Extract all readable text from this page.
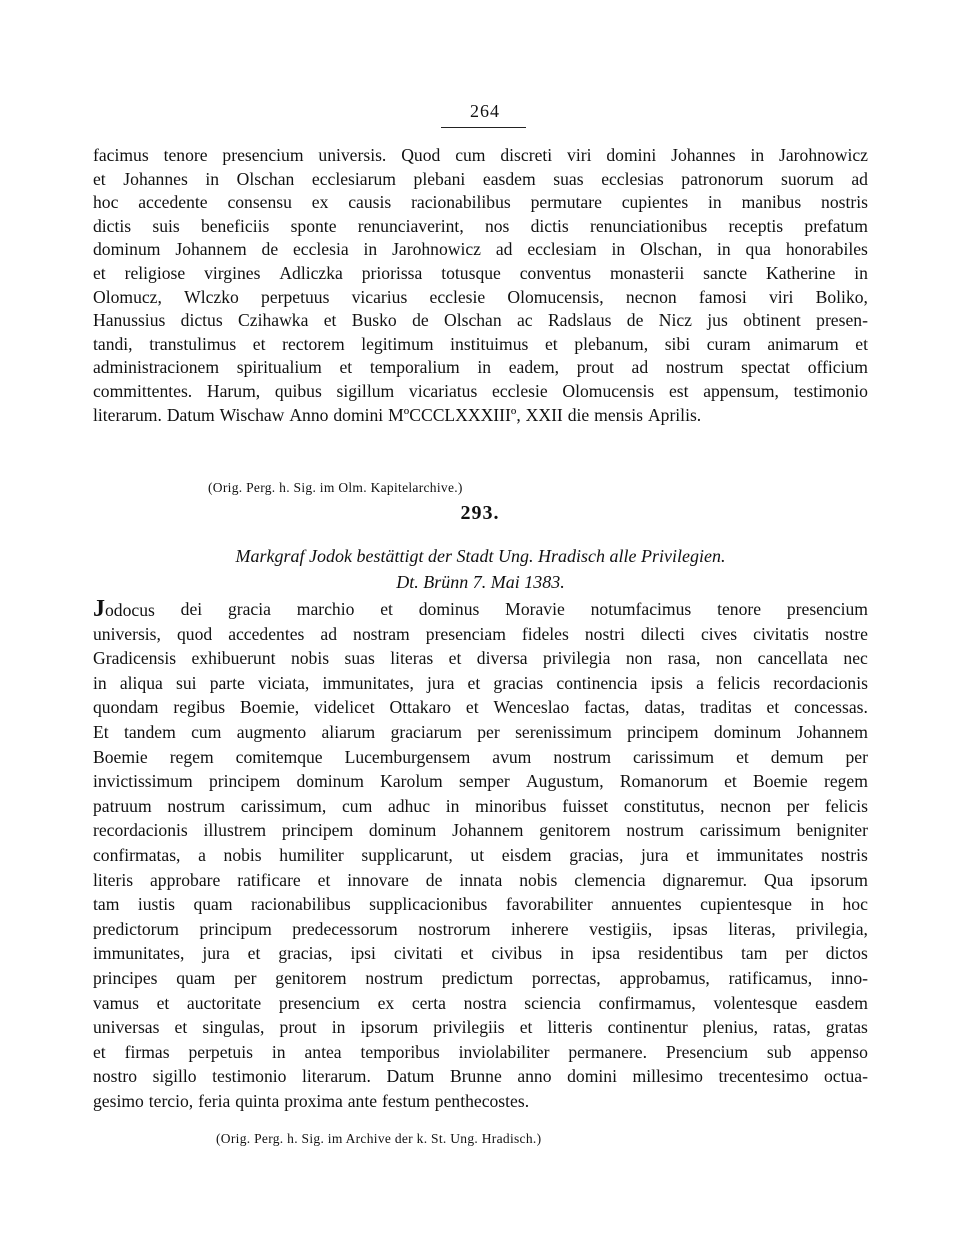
264
facimus tenore presencium universis. Quod cum discreti viri domini Johannes in Jarohnowicz
et Johannes in Olschan ecclesiarum plebani easdem suas ecclesias patronorum suorum ad
hoc accedente consensu ex causis racionabilibus permutare cupientes in manibus nostris
dictis suis beneficiis sponte renunciaverint, nos dictis renunciationibus receptis prefatum
dominum Johannem de ecclesia in Jarohnowicz ad ecclesiam in Olschan, in qua honorabiles
et religiose virgines Adliczka priorissa totusque conventus monasterii sancte Katherine in
Olomucz, Wlczko perpetuus vicarius ecclesie Olomucensis, necnon famosi viri Boliko,
Hanussius dictus Czihawka et Busko de Olschan ac Radslaus de Nicz jus obtinent presen-
tandi, transtulimus et rectorem legitimum instituimus et plebanum, sibi curam animarum et
administracionem spiritualium et temporalium in eadem, prout ad nostrum spectat officium
committentes. Harum, quibus sigillum vicariatus ecclesie Olomucensis est appensum, testimonio
literarum. Datum Wischaw Anno domini MºCCCLXXXIIIº, XXII die mensis Aprilis.
(Orig. Perg. h. Sig. im Olm. Kapitelarchive.)
293.
Markgraf Jodok bestättigt der Stadt Ung. Hradisch alle Privilegien.
Dt. Brünn 7. Mai 1383.
Jodocus dei gracia marchio et dominus Moravie notumfacimus tenore presencium
universis, quod accedentes ad nostram presenciam fideles nostri dilecti cives civitatis nostre
Gradicensis exhibuerunt nobis suas literas et diversa privilegia non rasa, non cancellata nec
in aliqua sui parte viciata, immunitates, jura et gracias continencia ipsis a felicis recordacionis
quondam regibus Boemie, videlicet Ottakaro et Wenceslao factas, datas, traditas et concessas.
Et tandem cum augmento aliarum graciarum per serenissimum principem dominum Johannem
Boemie regem comitemque Lucemburgensem avum nostrum carissimum et demum per
invictissimum principem dominum Karolum semper Augustum, Romanorum et Boemie regem
patruum nostrum carissimum, cum adhuc in minoribus fuisset constitutus, necnon per felicis
recordacionis illustrem principem dominum Johannem genitorem nostrum carissimum benigniter
confirmatas, a nobis humiliter supplicarunt, ut eisdem gracias, jura et immunitates nostris
literis approbare ratificare et innovare de innata nobis clemencia dignaremur. Qua ipsorum
tam iustis quam racionabilibus supplicacionibus favorabiliter annuentes cupientesque in hoc
predictorum principum predecessorum nostrorum inherere vestigiis, ipsas literas, privilegia,
immunitates, jura et gracias, ipsi civitati et civibus in ipsa residentibus tam per dictos
principes quam per genitorem nostrum predictum porrectas, approbamus, ratificamus, inno-
vamus et auctoritate presencium ex certa nostra sciencia confirmamus, volentesque easdem
universas et singulas, prout in ipsorum privilegiis et litteris continentur plenius, ratas, gratas
et firmas perpetuis in antea temporibus inviolabiliter permanere. Presencium sub appenso
nostro sigillo testimonio literarum. Datum Brunne anno domini millesimo trecentesimo octua-
gesimo tercio, feria quinta proxima ante festum penthecostes.
(Orig. Perg. h. Sig. im Archive der k. St. Ung. Hradisch.)
